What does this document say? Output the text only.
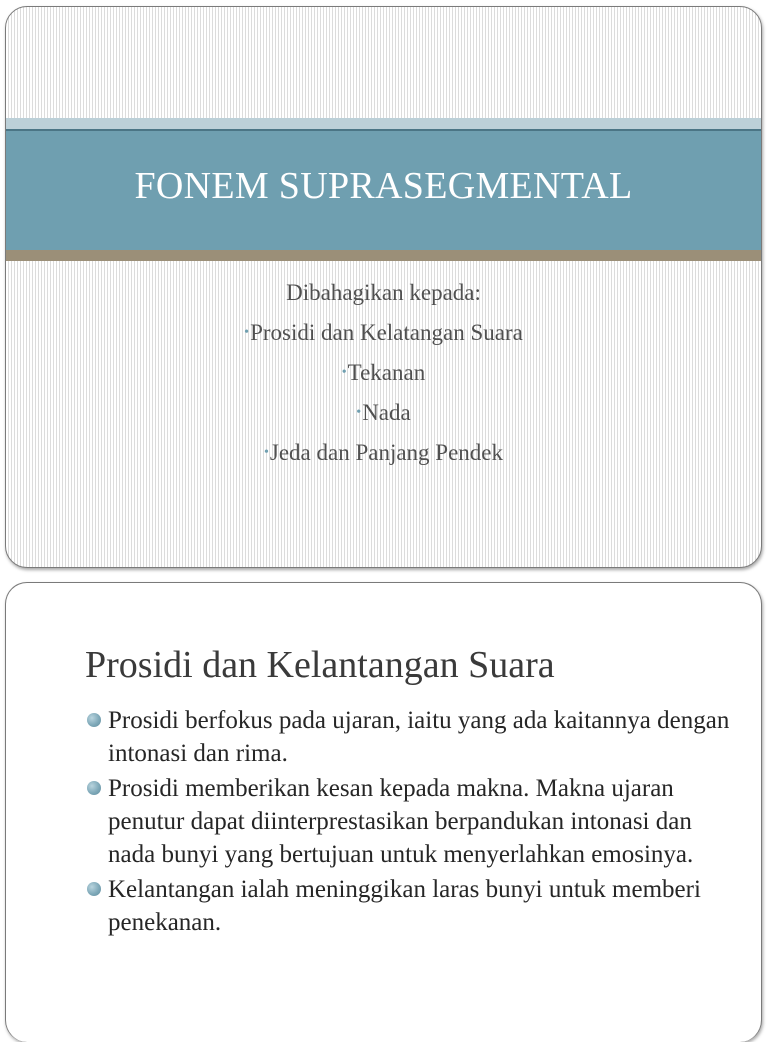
FONEM SUPRASEGMENTAL
Dibahagikan kepada:
•Prosidi dan Kelatangan Suara
•Tekanan
•Nada
•Jeda dan Panjang Pendek
Prosidi dan Kelantangan Suara
Prosidi berfokus pada ujaran, iaitu yang ada kaitannya dengan intonasi dan rima.
Prosidi memberikan kesan kepada makna. Makna ujaran penutur dapat diinterprestasikan berpandukan intonasi dan nada bunyi yang bertujuan untuk menyerlahkan emosinya.
Kelantangan ialah meninggikan laras bunyi untuk memberi penekanan.
